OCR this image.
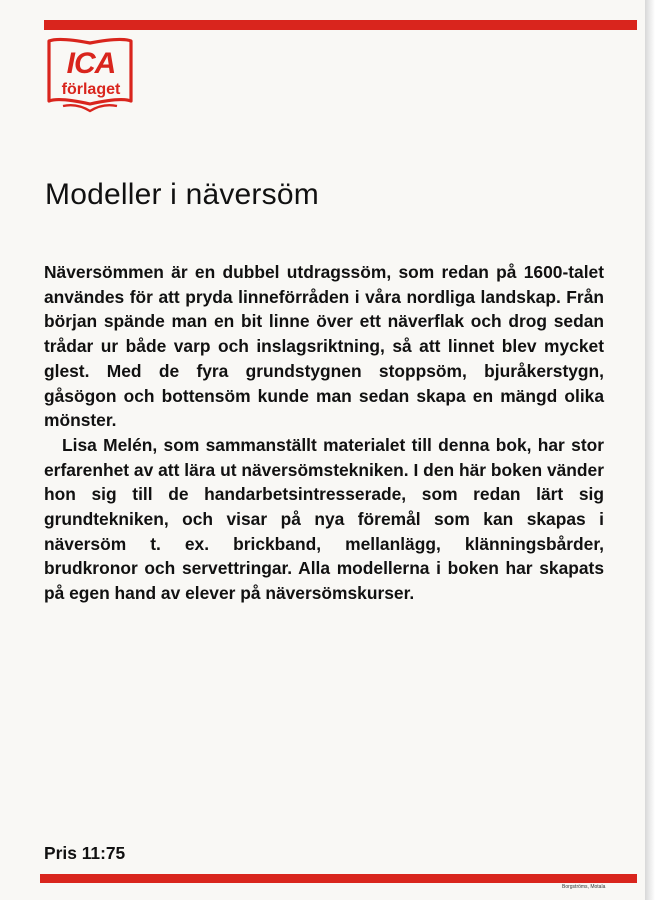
ICA
förlaget
Modeller i näversöm

Näversömmen är en dubbel utdragssöm, som redan på 1600-talet användes för att pryda linneförråden i våra nordliga landskap. Från början spände man en bit linne över ett näverflak och drog sedan trådar ur både varp och inslagsriktning, så att linnet blev mycket glest. Med de fyra grundstygnen stoppsöm, bjuråkerstygn, gåsögon och bottensöm kunde man sedan skapa en mängd olika mönster.

Lisa Melén, som sammanställt materialet till denna bok, har stor erfarenhet av att lära ut näversömstekniken. I den här boken vänder hon sig till de handarbetsintresserade, som redan lärt sig grundtekniken, och visar på nya föremål som kan skapas i näversöm t. ex. brickband, mellanlägg, klänningsbårder, brudkronor och servettringar. Alla modellerna i boken har skapats på egen hand av elever på näversömskurser.

Pris 11:75
Borgströms, Motala
